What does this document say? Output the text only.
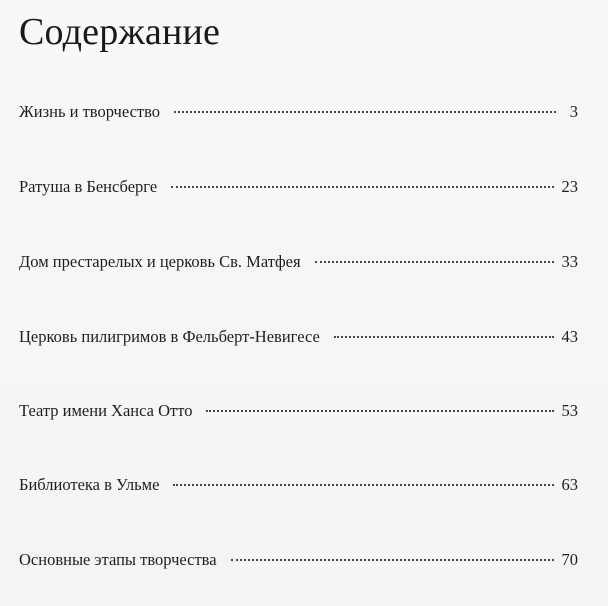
Содержание
Жизнь и творчество	3
Ратуша в Бенсберге	23
Дом престарелых и церковь Св. Матфея	33
Церковь пилигримов в Фельберт-Невигесе	43
Театр имени Ханса Отто	53
Библиотека в Ульме	63
Основные этапы творчества	70
